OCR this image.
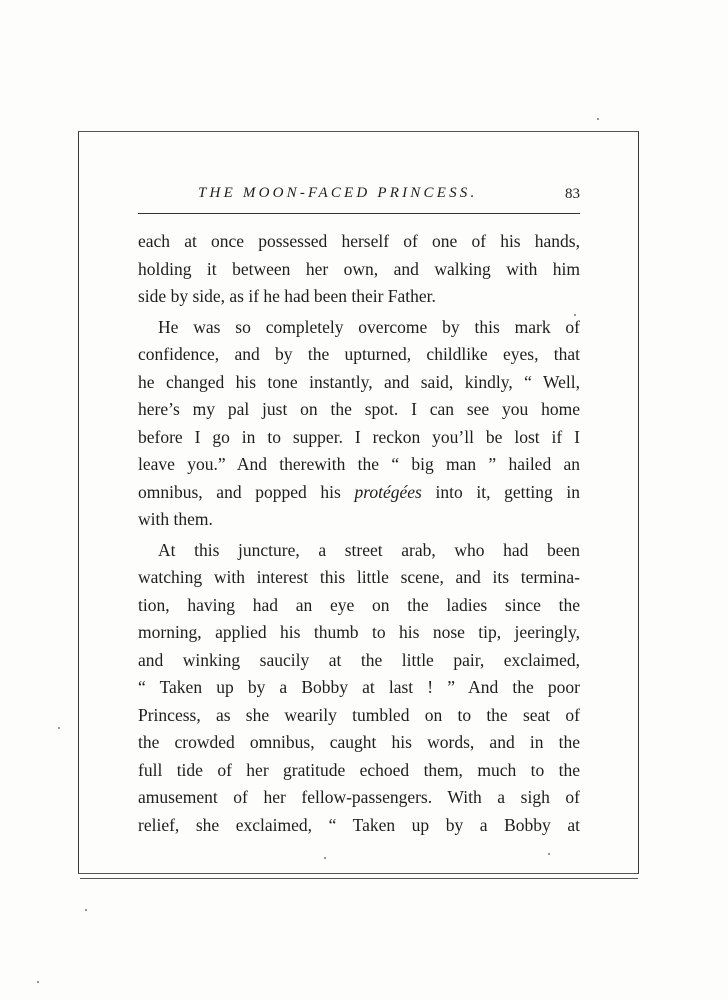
THE MOON-FACED PRINCESS.	83
each at once possessed herself of one of his hands,
holding it between her own, and walking with him
side by side, as if he had been their Father.
He was so completely overcome by this mark of
confidence, and by the upturned, childlike eyes, that
he changed his tone instantly, and said, kindly, “ Well,
here’s my pal just on the spot. I can see you home
before I go in to supper. I reckon you’ll be lost if I
leave you.” And therewith the “ big man ” hailed an
omnibus, and popped his protégées into it, getting in
with them.
At this juncture, a street arab, who had been
watching with interest this little scene, and its termina-
tion, having had an eye on the ladies since the
morning, applied his thumb to his nose tip, jeeringly,
and winking saucily at the little pair, exclaimed,
“ Taken up by a Bobby at last ! ” And the poor
Princess, as she wearily tumbled on to the seat of
the crowded omnibus, caught his words, and in the
full tide of her gratitude echoed them, much to the
amusement of her fellow-passengers. With a sigh of
relief, she exclaimed, “ Taken up by a Bobby at
